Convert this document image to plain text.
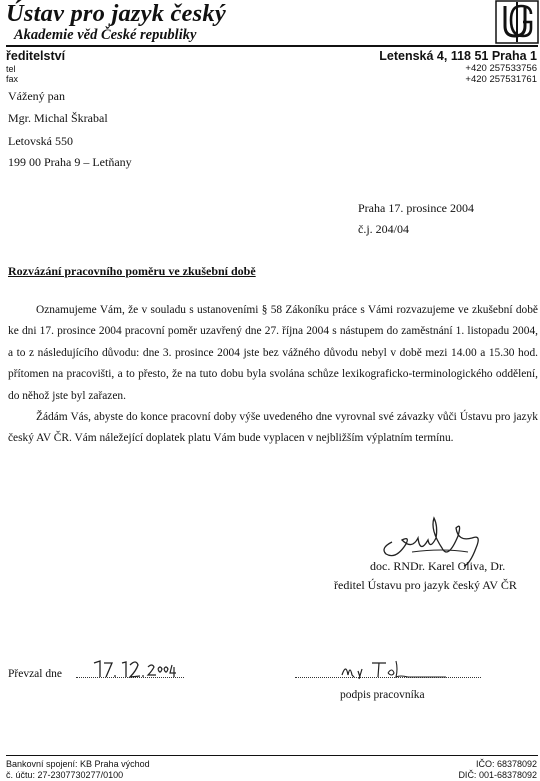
Ústav pro jazyk český
Akademie věd České republiky
ředitelství	Letenská 4, 118 51 Praha 1
tel
fax
+420 257533756
+420 257531761
Vážený pan
Mgr. Michal Škrabal
Letovská 550
199 00 Praha 9 – Letňany
Praha 17. prosince 2004
č.j. 204/04
Rozvázání pracovního poměru ve zkušební době

Oznamujeme Vám, že v souladu s ustanoveními § 58 Zákoníku práce s Vámi rozvazujeme ve zkušební době ke dni 17. prosince 2004 pracovní poměr uzavřený dne 27. října 2004 s nástupem do zaměstnání 1. listopadu 2004, a to z následujícího důvodu: dne 3. prosince 2004 jste bez vážného důvodu nebyl v době mezi 14.00 a 15.30 hod. přítomen na pracovišti, a to přesto, že na tuto dobu byla svolána schůze lexikograficko-terminologického oddělení, do něhož jste byl zařazen.

Žádám Vás, abyste do konce pracovní doby výše uvedeného dne vyrovnal své závazky vůči Ústavu pro jazyk český AV ČR. Vám náležející doplatek platu Vám bude vyplacen v nejbližším výplatním termínu.

doc. RNDr. Karel Oliva, Dr.
ředitel Ústavu pro jazyk český AV ČR
Převzal dne
podpis pracovníka
Bankovní spojení: KB Praha východ
č. účtu: 27-2307730277/0100
IČO: 68378092
DIČ: 001-68378092
